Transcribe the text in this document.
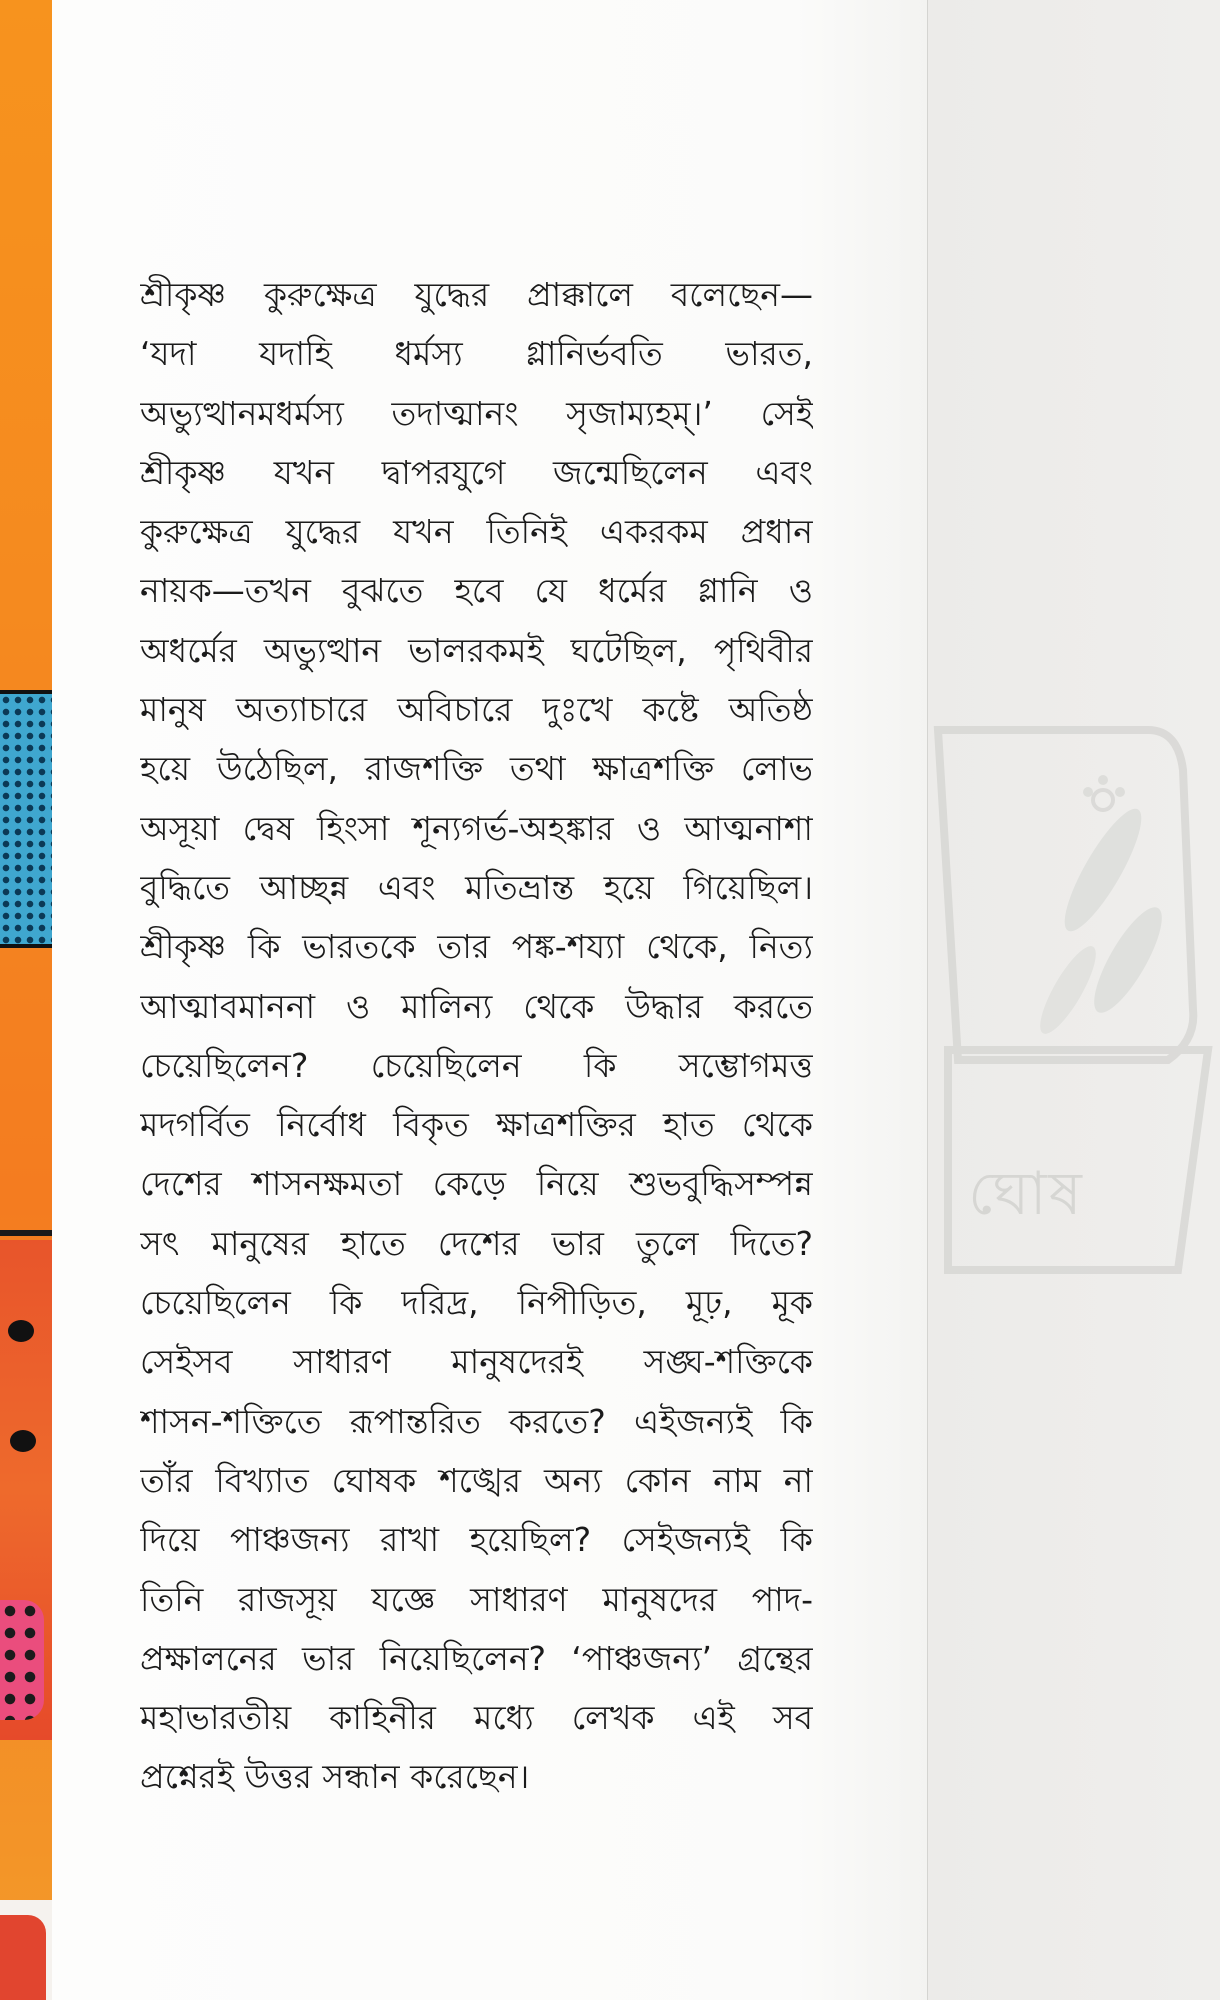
ঘোষ
শ্রীকৃষ্ণ কুরুক্ষেত্র যুদ্ধের প্রাক্কালে বলেছেন—
‘যদা যদাহি ধর্মস্য গ্লানির্ভবতি ভারত,
অভ্যুত্থানমধর্মস্য তদাত্মানং সৃজাম্যহম্।’ সেই
শ্রীকৃষ্ণ যখন দ্বাপরযুগে জন্মেছিলেন এবং
কুরুক্ষেত্র যুদ্ধের যখন তিনিই একরকম প্রধান
নায়ক—তখন বুঝতে হবে যে ধর্মের গ্লানি ও
অধর্মের অভ্যুত্থান ভালরকমই ঘটেছিল, পৃথিবীর
মানুষ অত্যাচারে অবিচারে দুঃখে কষ্টে অতিষ্ঠ
হয়ে উঠেছিল, রাজশক্তি তথা ক্ষাত্রশক্তি লোভ
অসূয়া দ্বেষ হিংসা শূন্যগর্ভ-অহঙ্কার ও আত্মনাশা
বুদ্ধিতে আচ্ছন্ন এবং মতিভ্রান্ত হয়ে গিয়েছিল।
শ্রীকৃষ্ণ কি ভারতকে তার পঙ্ক-শয্যা থেকে, নিত্য
আত্মাবমাননা ও মালিন্য থেকে উদ্ধার করতে
চেয়েছিলেন? চেয়েছিলেন কি সম্ভোগমত্ত
মদগর্বিত নির্বোধ বিকৃত ক্ষাত্রশক্তির হাত থেকে
দেশের শাসনক্ষমতা কেড়ে নিয়ে শুভবুদ্ধিসম্পন্ন
সৎ মানুষের হাতে দেশের ভার তুলে দিতে?
চেয়েছিলেন কি দরিদ্র, নিপীড়িত, মূঢ়, মূক
সেইসব সাধারণ মানুষদেরই সঙ্ঘ-শক্তিকে
শাসন-শক্তিতে রূপান্তরিত করতে? এইজন্যই কি
তাঁর বিখ্যাত ঘোষক শঙ্খের অন্য কোন নাম না
দিয়ে পাঞ্চজন্য রাখা হয়েছিল? সেইজন্যই কি
তিনি রাজসূয় যজ্ঞে সাধারণ মানুষদের পাদ-
প্রক্ষালনের ভার নিয়েছিলেন? ‘পাঞ্চজন্য’ গ্রন্থের
মহাভারতীয় কাহিনীর মধ্যে লেখক এই সব
প্রশ্নেরই উত্তর সন্ধান করেছেন।
